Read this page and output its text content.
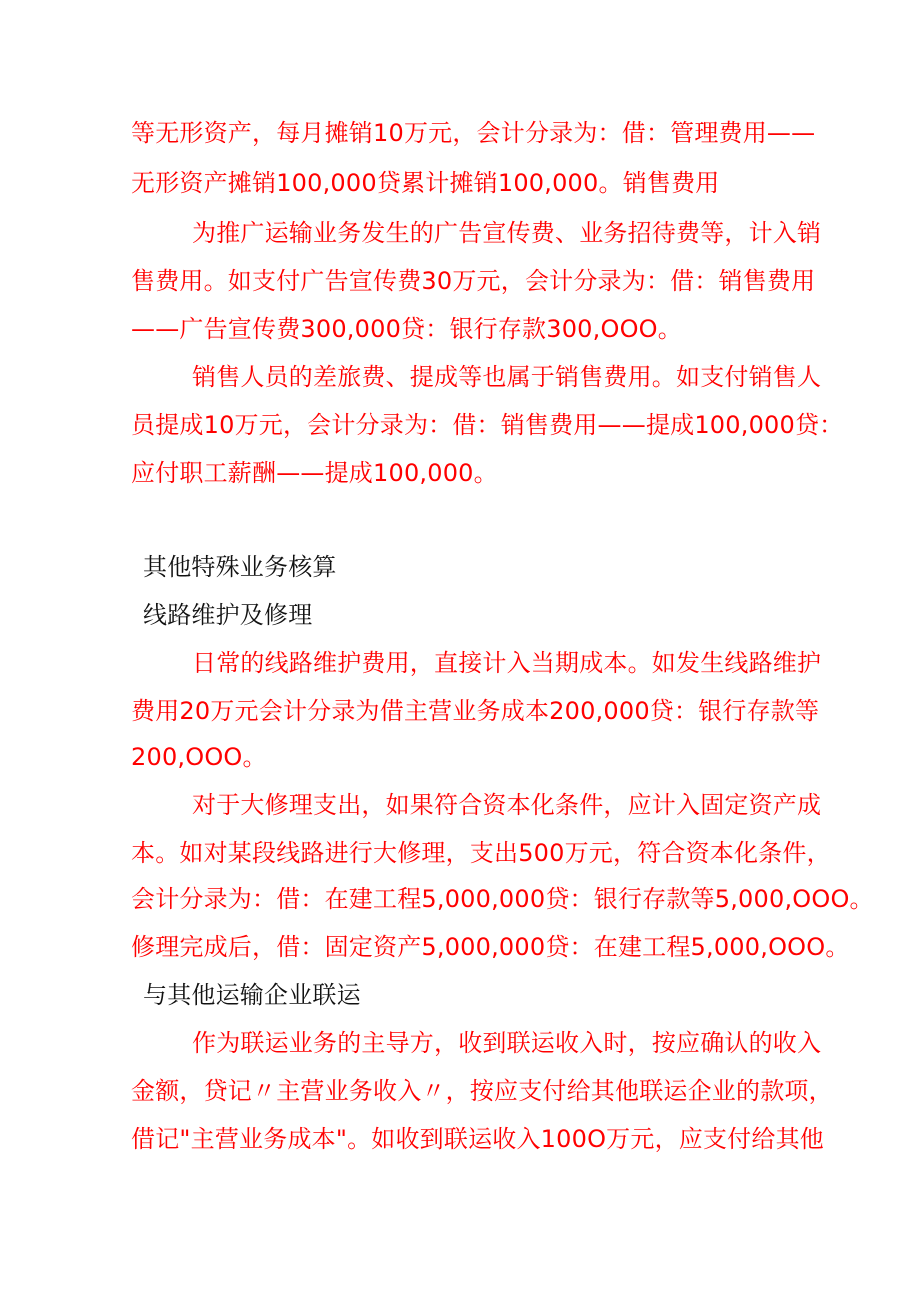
等无形资产，每月摊销10万元，会计分录为：借：管理费用——
无形资产摊销100,000贷累计摊销100,000。销售费用
为推广运输业务发生的广告宣传费、业务招待费等，计入销
售费用。如支付广告宣传费30万元，会计分录为：借：销售费用
——广告宣传费300,000贷：银行存款300,OOO。
销售人员的差旅费、提成等也属于销售费用。如支付销售人
员提成10万元，会计分录为：借：销售费用——提成100,000贷：
应付职工薪酬——提成100,000。
其他特殊业务核算
线路维护及修理
日常的线路维护费用，直接计入当期成本。如发生线路维护
费用20万元会计分录为借主营业务成本200,000贷：银行存款等
200,OOO。
对于大修理支出，如果符合资本化条件，应计入固定资产成
本。如对某段线路进行大修理，支出500万元，符合资本化条件，
会计分录为：借：在建工程5,000,000贷：银行存款等5,000,OOO。
修理完成后，借：固定资产5,000,000贷：在建工程5,000,OOO。
与其他运输企业联运
作为联运业务的主导方，收到联运收入时，按应确认的收入
金额，贷记〃主营业务收入〃，按应支付给其他联运企业的款项，
借记"主营业务成本"。如收到联运收入100O万元，应支付给其他
